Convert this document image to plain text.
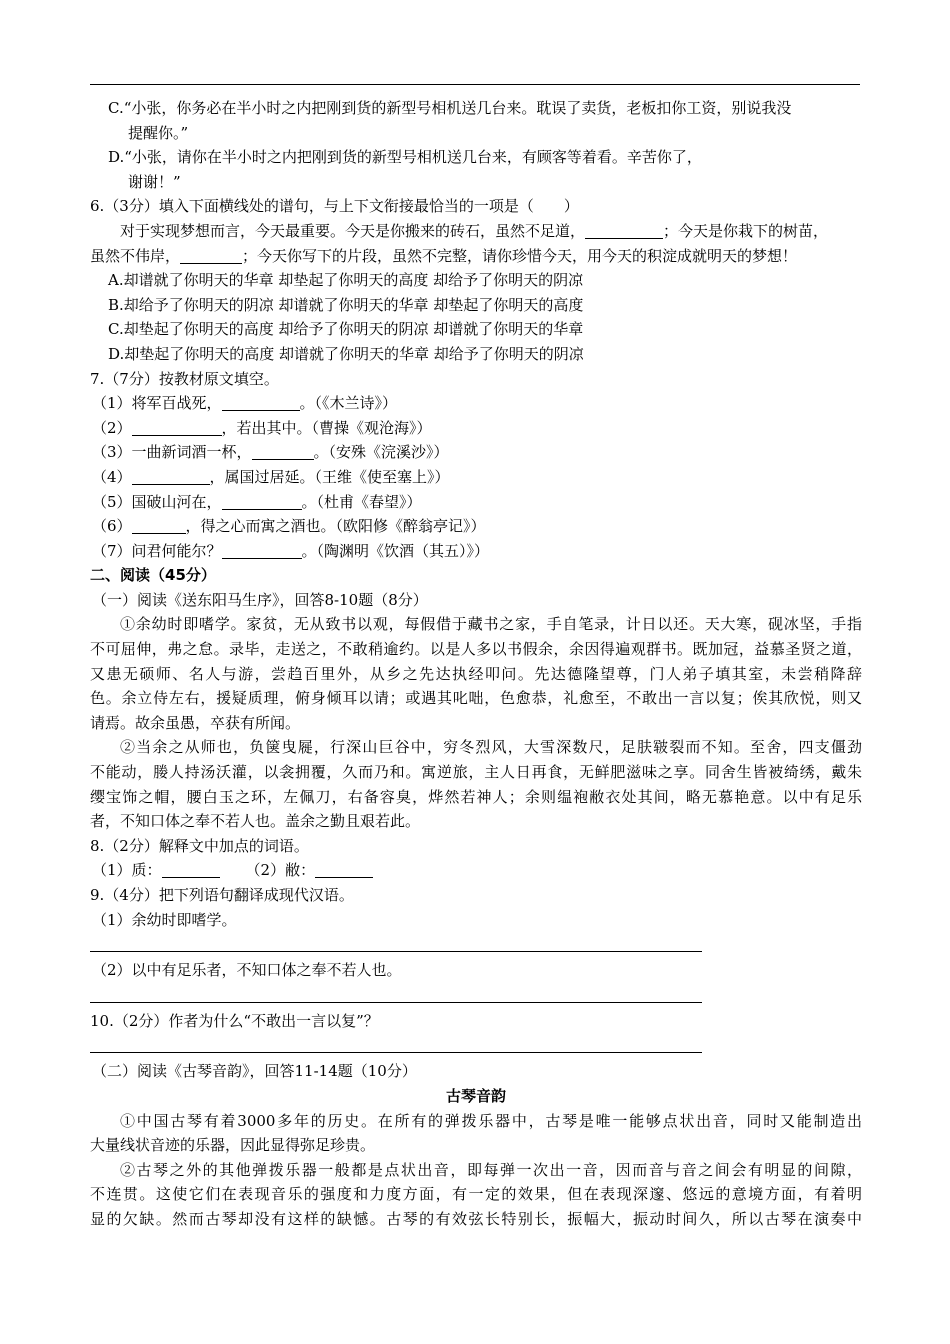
C.“小张，你务必在半小时之内把刚到货的新型号相机送几台来。耽误了卖货，老板扣你工资，别说我没
提醒你。”
D.“小张，请你在半小时之内把刚到货的新型号相机送几台来，有顾客等着看。辛苦你了，
谢谢！”
6.（3分）填入下面横线处的谱句，与上下文衔接最恰当的一项是（　　）
对于实现梦想而言，今天最重要。今天是你搬来的砖石，虽然不足道，	；今天是你栽下的树苗，
虽然不伟岸，	；今天你写下的片段，虽然不完整，请你珍惜今天，用今天的积淀成就明天的梦想！
A.却谱就了你明天的华章 却垫起了你明天的高度 却给予了你明天的阴凉
B.却给予了你明天的阴凉 却谱就了你明天的华章 却垫起了你明天的高度
C.却垫起了你明天的高度 却给予了你明天的阴凉 却谱就了你明天的华章
D.却垫起了你明天的高度 却谱就了你明天的华章 却给予了你明天的阴凉
7.（7分）按教材原文填空。
（1）将军百战死，	。（《木兰诗》）
（2）	，若出其中。（曹操《观沧海》）
（3）一曲新词酒一杯，	。（安殊《浣溪沙》）
（4）	，属国过居延。（王维《使至塞上》）
（5）国破山河在，	。（杜甫《春望》）
（6）	，得之心而寓之酒也。（欧阳修《醉翁亭记》）
（7）问君何能尔？	。（陶渊明《饮酒（其五）》）
二、阅读（45分）
（一）阅读《送东阳马生序》，回答8-10题（8分）
①余幼时即嗜学。家贫，无从致书以观，每假借于藏书之家，手自笔录，计日以还。天大寒，砚冰坚，手指
不可屈伸，弗之怠。录毕，走送之，不敢稍逾约。以是人多以书假余，余因得遍观群书。既加冠，益慕圣贤之道，
又患无硕师、名人与游，尝趋百里外，从乡之先达执经叩问。先达德隆望尊，门人弟子填其室，未尝稍降辞
色。余立侍左右，援疑质理，俯身倾耳以请；或遇其叱咄，色愈恭，礼愈至，不敢出一言以复；俟其欣悦，则又
请焉。故余虽愚，卒获有所闻。
②当余之从师也，负箧曳屣，行深山巨谷中，穷冬烈风，大雪深数尺，足肤皲裂而不知。至舍，四支僵劲
不能动，媵人持汤沃灌，以衾拥覆，久而乃和。寓逆旅，主人日再食，无鲜肥滋味之享。同舍生皆被绮绣，戴朱
缨宝饰之帽，腰白玉之环，左佩刀，右备容臭，烨然若神人；余则缊袍敝衣处其间，略无慕艳意。以中有足乐
者，不知口体之奉不若人也。盖余之勤且艰若此。
8.（2分）解释文中加点的词语。
（1）质：	（2）敝：
9.（4分）把下列语句翻译成现代汉语。
（1）余幼时即嗜学。
（2）以中有足乐者，不知口体之奉不若人也。
10.（2分）作者为什么“不敢出一言以复”？
（二）阅读《古琴音韵》，回答11-14题（10分）
古琴音韵
①中国古琴有着3000多年的历史。在所有的弹拨乐器中，古琴是唯一能够点状出音，同时又能制造出
大量线状音迹的乐器，因此显得弥足珍贵。
②古琴之外的其他弹拨乐器一般都是点状出音，即每弹一次出一音，因而音与音之间会有明显的间隙，
不连贯。这使它们在表现音乐的强度和力度方面，有一定的效果，但在表现深邃、悠远的意境方面，有着明
显的欠缺。然而古琴却没有这样的缺憾。古琴的有效弦长特别长，振幅大，振动时间久，所以古琴在演奏中
